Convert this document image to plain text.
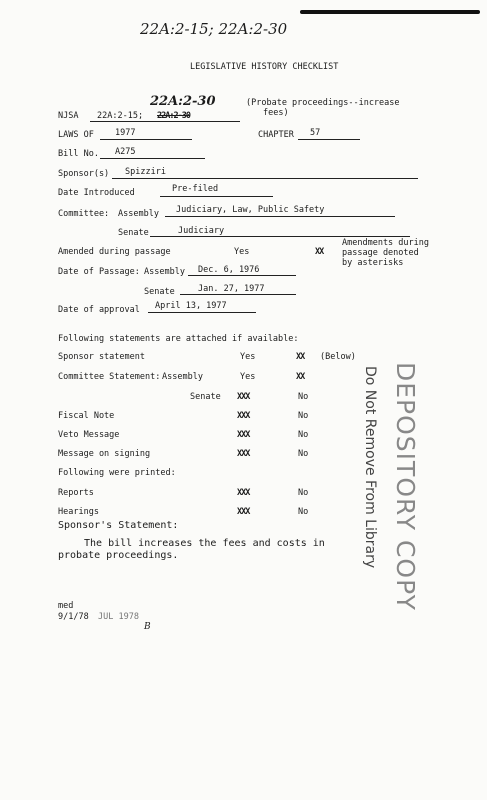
22A:2-15; 22A:2-30
LEGISLATIVE HISTORY CHECKLIST
NJSA 22A:2-15; 22A:2-30
22A:2-30	(Probate proceedings--increase
fees)
LAWS OF 1977	CHAPTER 57
Bill No. A275
Sponsor(s) Spizziri
Date Introduced	Pre-filed
Committee: Assembly Judiciary, Law, Public Safety
Senate	Judiciary
Amended during passage	Yes	XX
Amendments during
passage denoted
by asterisks
Date of Passage: Assembly Dec. 6, 1976
Senate	Jan. 27, 1977
Date of approval April 13, 1977
Following statements are attached if available:
Sponsor statement	Yes	XX (Below)
Committee Statement: Assembly	Yes	XX
Senate XXX	No
Fiscal Note	XXX	No
Veto Message	XXX	No
Message on signing	XXX	No
Following were printed:
Reports	XXX	No
Hearings	XXX	No
Sponsor's Statement:
The bill increases the fees and costs in
probate proceedings.	DEPOSITORY COPY
Do Not Remove From Library
med
9/1/78 JUL 1978
B
